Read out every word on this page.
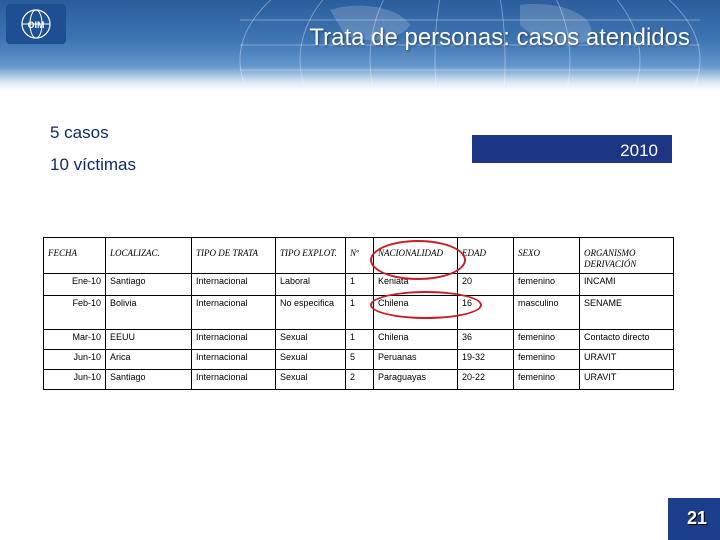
OIM	Trata de personas: casos atendidos
5 casos
10 víctimas
2010
FECHA	LOCALIZAC.	TIPO DE TRATA	TIPO EXPLOT.	Nº	NACIONALIDAD	EDAD	SEXO	ORGANISMO DERIVACIÓN
Ene-10	Santiago	Internacional	Laboral	1	Keniata	20	femenino	INCAMI
Feb-10	Bolivia	Internacional	No especifica	1	Chilena	16	masculino	SENAME
Mar-10	EEUU	Internacional	Sexual	1	Chilena	36	femenino	Contacto directo
Jun-10	Arica	Internacional	Sexual	5	Peruanas	19-32	femenino	URAVIT
Jun-10	Santiago	Internacional	Sexual	2	Paraguayas	20-22	femenino	URAVIT
21
